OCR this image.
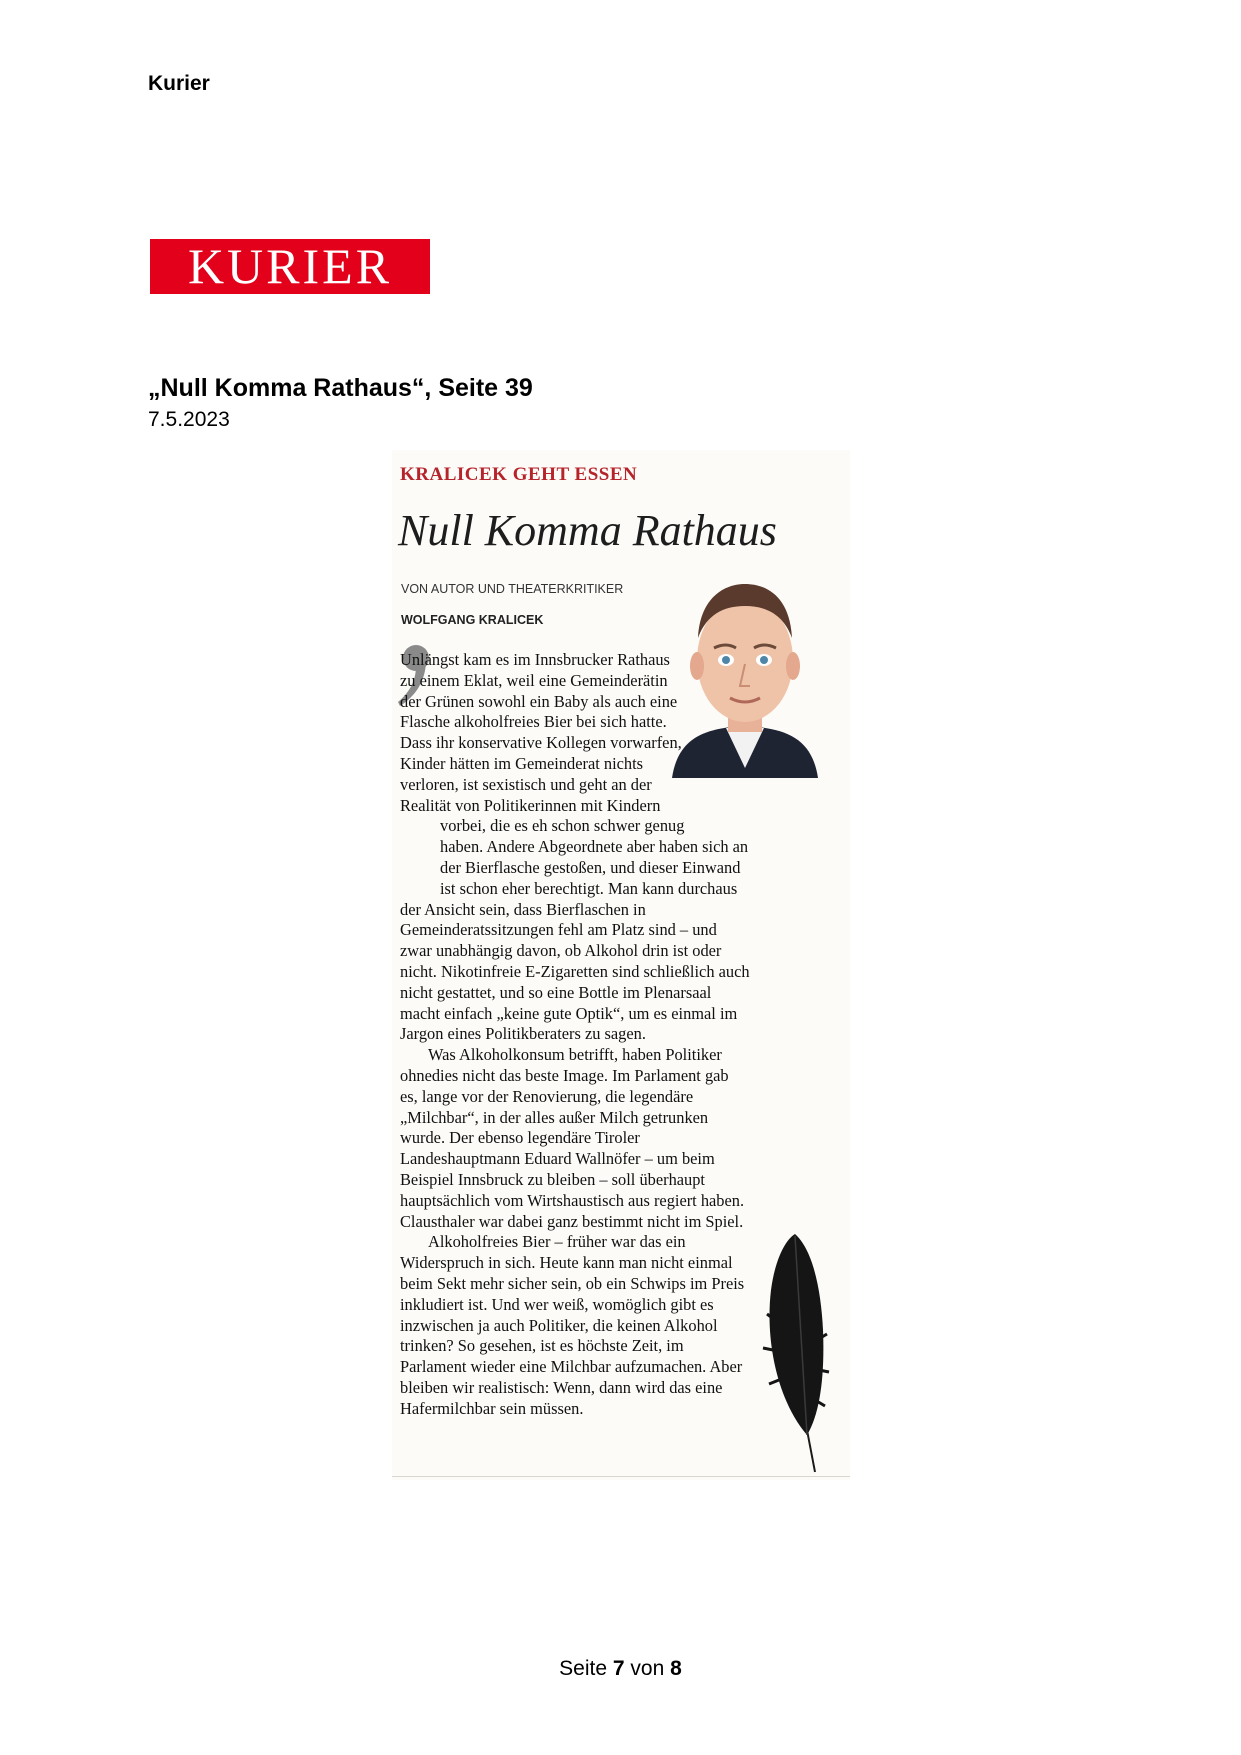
Kurier
KURIER
„Null Komma Rathaus“, Seite 39
7.5.2023
KRALICEK GEHT ESSEN
Null Komma Rathaus
VON AUTOR UND THEATERKRITIKER
WOLFGANG KRALICEK

Unlängst kam es im Innsbrucker Rathaus zu einem Eklat, weil eine Gemeinderätin der Grünen sowohl ein Baby als auch eine Flasche alkoholfreies Bier bei sich hatte. Dass ihr konservative Kollegen vorwarfen, Kinder hätten im Gemeinderat nichts verloren, ist sexistisch und geht an der Realität von Politikerinnen mit Kindern vorbei, die es eh schon schwer genug haben. Andere Abgeordnete aber haben sich an der Bierflasche gestoßen, und dieser Einwand ist schon eher berechtigt. Man kann durchaus der Ansicht sein, dass Bierflaschen in Gemeinderatssitzungen fehl am Platz sind – und zwar unabhängig davon, ob Alkohol drin ist oder nicht. Nikotinfreie E-Zigaretten sind schließlich auch nicht gestattet, und so eine Bottle im Plenarsaal macht einfach „keine gute Optik“, um es einmal im Jargon eines Politikberaters zu sagen.

Was Alkoholkonsum betrifft, haben Politiker ohnedies nicht das beste Image. Im Parlament gab es, lange vor der Renovierung, die legendäre „Milchbar“, in der alles außer Milch getrunken wurde. Der ebenso legendäre Tiroler Landeshauptmann Eduard Wallnöfer – um beim Beispiel Innsbruck zu bleiben – soll überhaupt hauptsächlich vom Wirtshaustisch aus regiert haben. Clausthaler war dabei ganz bestimmt nicht im Spiel.

Alkoholfreies Bier – früher war das ein Widerspruch in sich. Heute kann man nicht einmal beim Sekt mehr sicher sein, ob ein Schwips im Preis inkludiert ist. Und wer weiß, womöglich gibt es inzwischen ja auch Politiker, die keinen Alkohol trinken? So gesehen, ist es höchste Zeit, im Parlament wieder eine Milchbar aufzumachen. Aber bleiben wir realistisch: Wenn, dann wird das eine Hafermilchbar sein müssen.

Seite 7 von 8
